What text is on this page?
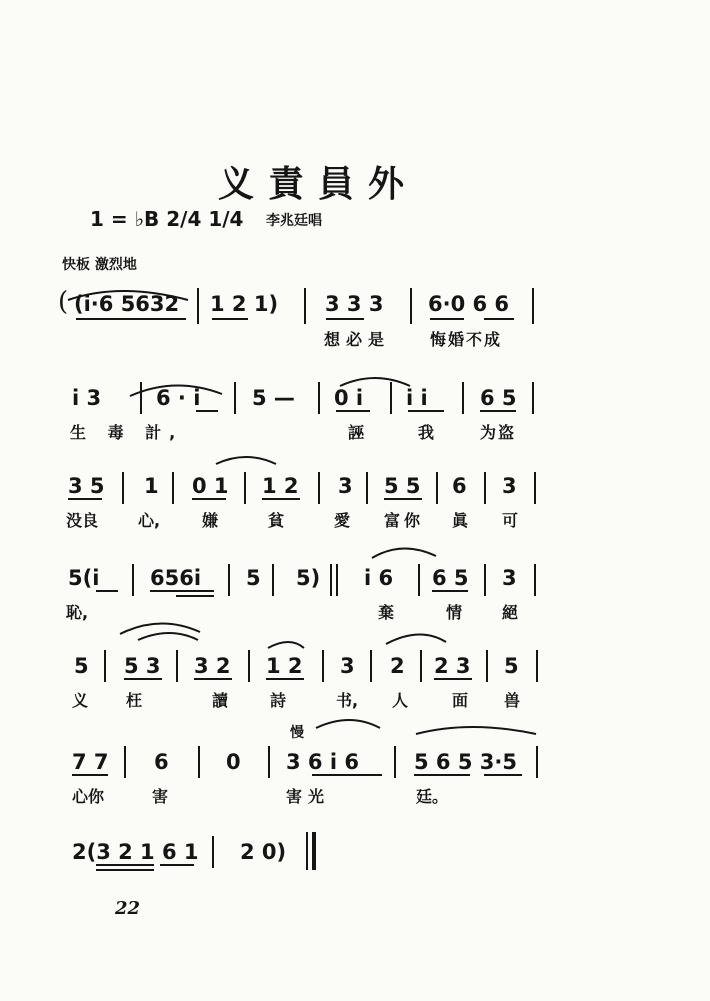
义責員外
1 = ♭B 2/4 1/4 李兆廷唱
快板 激烈地
( (i·6 5632 1 2 1) 3 3 3 6·0 6 6
想必是 悔婚不成
i 3	6 · i 5 — 0 i i i 6 5
生 毒 計,	誣	我	为盗
3 5 1 0 1 1 2 3 5 5 6 3
没良 心,	嫌	貧	愛 富你 眞 可
5(i 656i 5 5) i 6 6 5 3
恥,	棄	情 絕
5 5 3 3 2 1 2 3 2 2 3 5
义 枉	讀	詩	书, 人	面 兽
慢
7 7 6	0 3 6 i 6	5 6 5 3·5
心你	害	害光	廷。
2(3 2 1 6 1 2 0)
22
